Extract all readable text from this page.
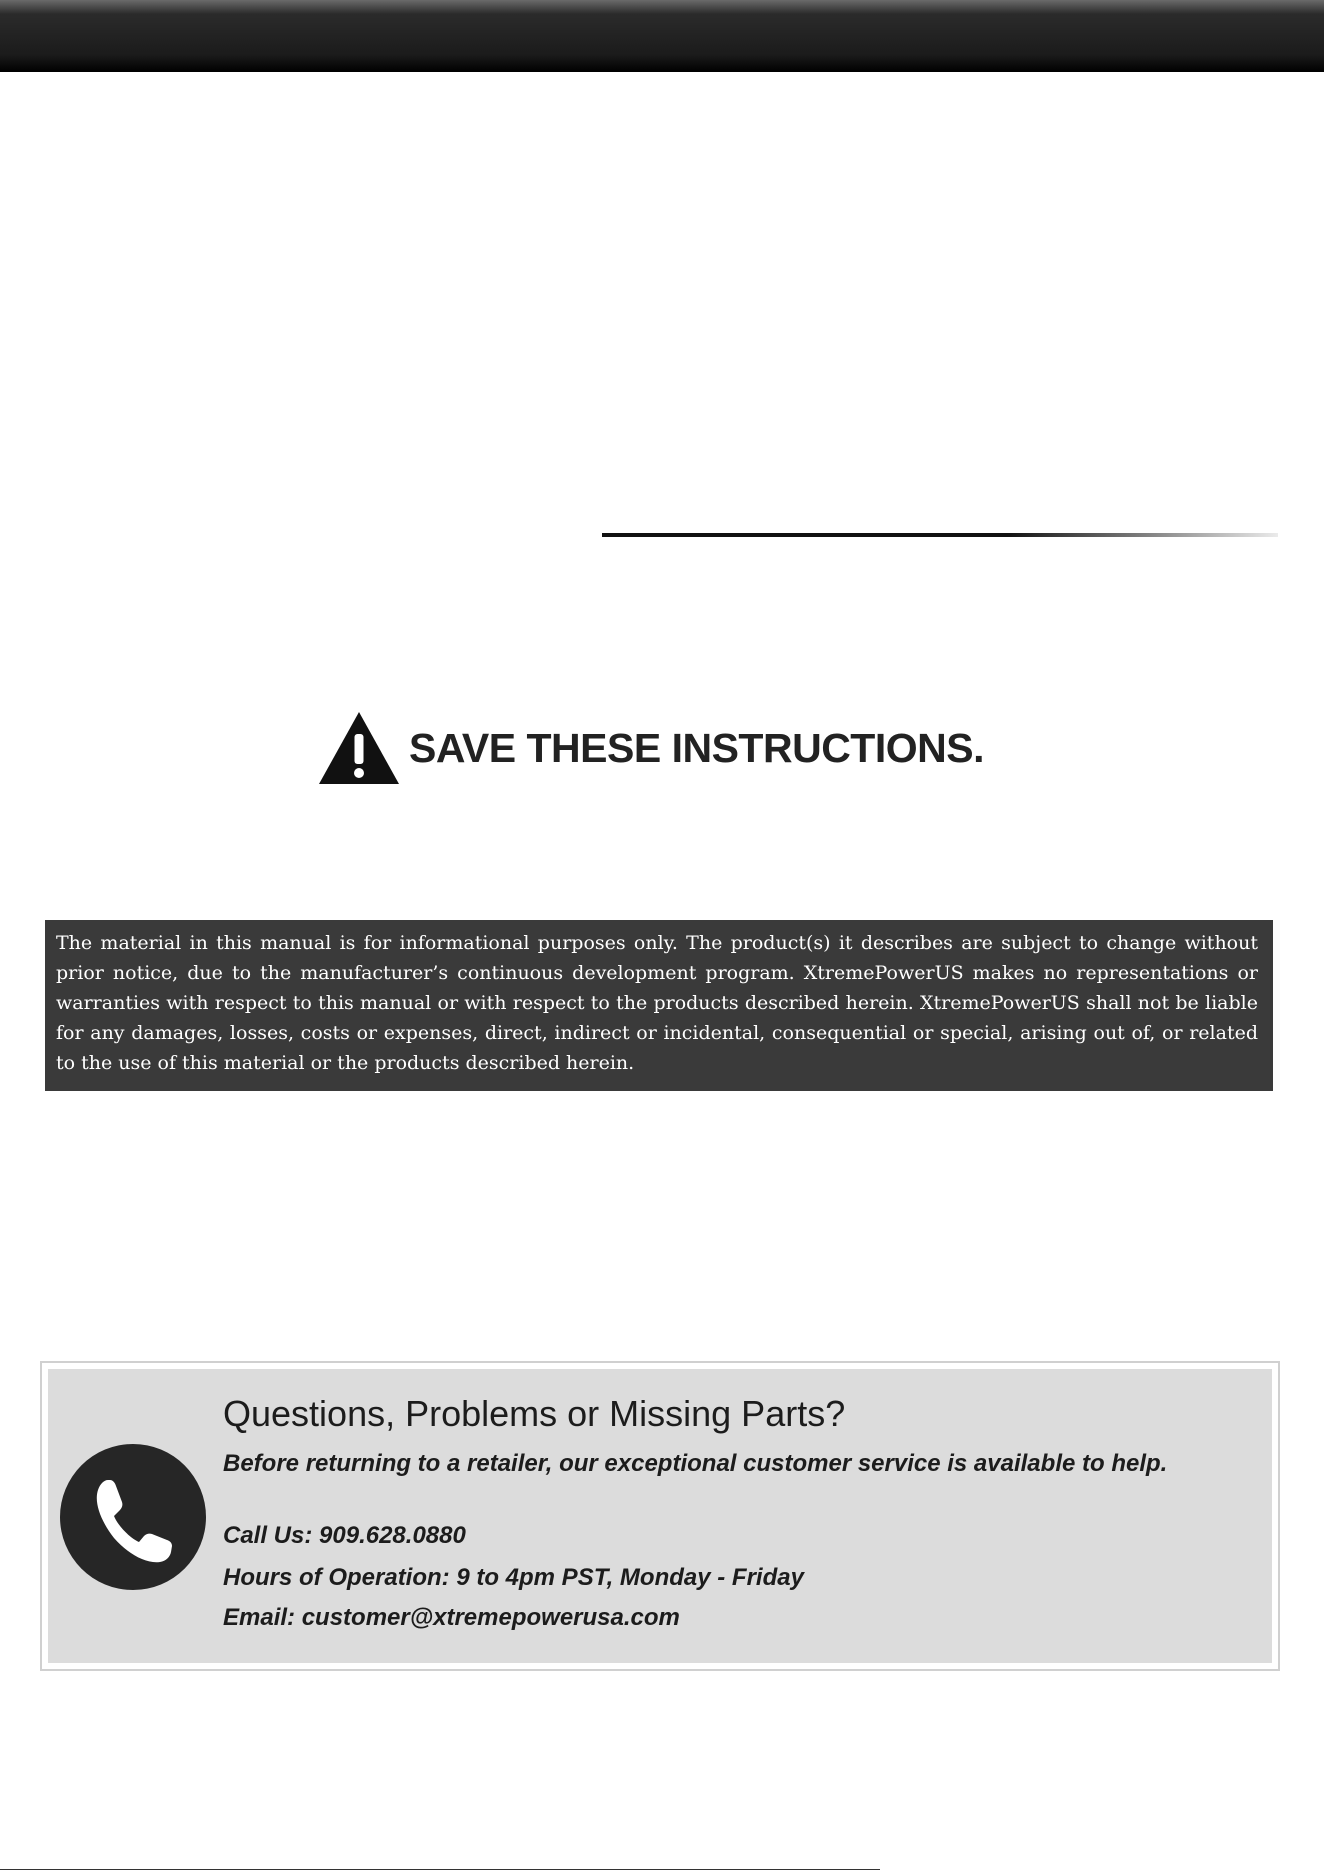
SAVE THESE INSTRUCTIONS.

The material in this manual is for informational purposes only. The product(s) it describes are subject to change without prior notice, due to the manufacturer’s continuous development program. XtremePowerUS makes no representations or warranties with respect to this manual or with respect to the products described herein. XtremePowerUS shall not be liable for any damages, losses, costs or expenses, direct, indirect or incidental, consequential or special, arising out of, or related to the use of this material or the products described herein.

Questions, Problems or Missing Parts?

Before returning to a retailer, our exceptional customer service is available to help.

Call Us: 909.628.0880

Hours of Operation: 9 to 4pm PST, Monday - Friday

Email: customer@xtremepowerusa.com
